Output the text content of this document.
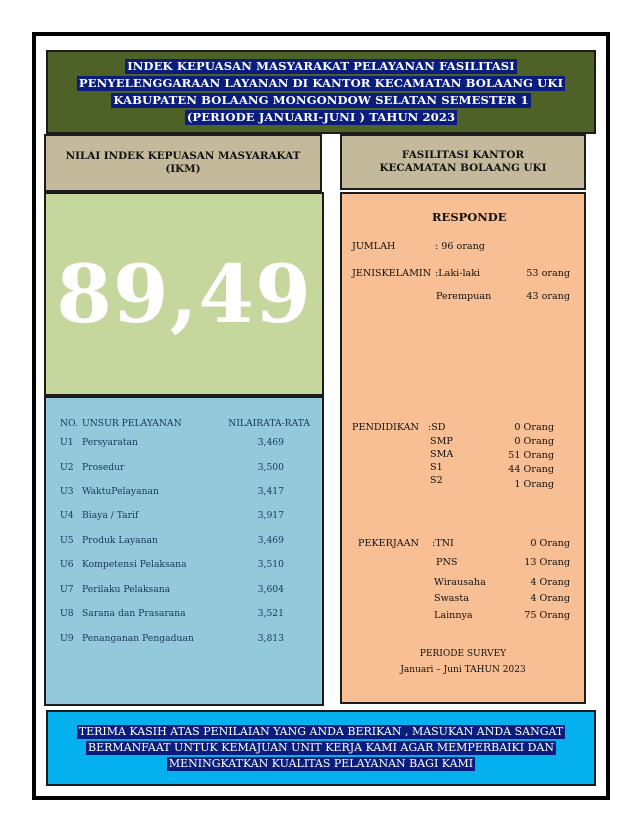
INDEK KEPUASAN MASYARAKAT PELAYANAN FASILITASI
PENYELENGGARAAN LAYANAN DI KANTOR KECAMATAN BOLAANG UKI
KABUPATEN BOLAANG MONGONDOW SELATAN SEMESTER 1
(PERIODE JANUARI-JUNI ) TAHUN 2023
NILAI INDEK KEPUASAN MASYARAKAT
(IKM)
FASILITASI KANTOR
KECAMATAN BOLAANG UKI
89,49
NO. UNSUR PELAYANAN	NILAIRATA-RATA
U1 Persyaratan	3,469
U2 Prosedur	3,500
U3 WaktuPelayanan	3,417
U4 Biaya / Tarif	3,917
U5 Produk Layanan	3,469
U6 Kompetensi Pelaksana	3,510
U7 Perilaku Pelaksana	3,604
U8 Sarana dan Prasarana	3,521
U9 Penanganan Pengaduan	3,813
RESPONDE
JUMLAH	: 96 orang
JENISKELAMIN :Laki-laki	53 orang
Perempuan	43 orang
PENDIDIKAN :SD	0 Orang
SMP	0 Orang
SMA	51 Orang
S1	44 Orang
S2	1 Orang
PEKERJAAN :TNI	0 Orang
PNS	13 Orang
Wirausaha	4 Orang
Swasta	4 Orang
Lainnya	75 Orang
PERIODE SURVEY
Januari – Juni TAHUN 2023
TERIMA KASIH ATAS PENILAIAN YANG ANDA BERIKAN , MASUKAN ANDA SANGAT
BERMANFAAT UNTUK KEMAJUAN UNIT KERJA KAMI AGAR MEMPERBAIKI DAN
MENINGKATKAN KUALITAS PELAYANAN BAGI KAMI
